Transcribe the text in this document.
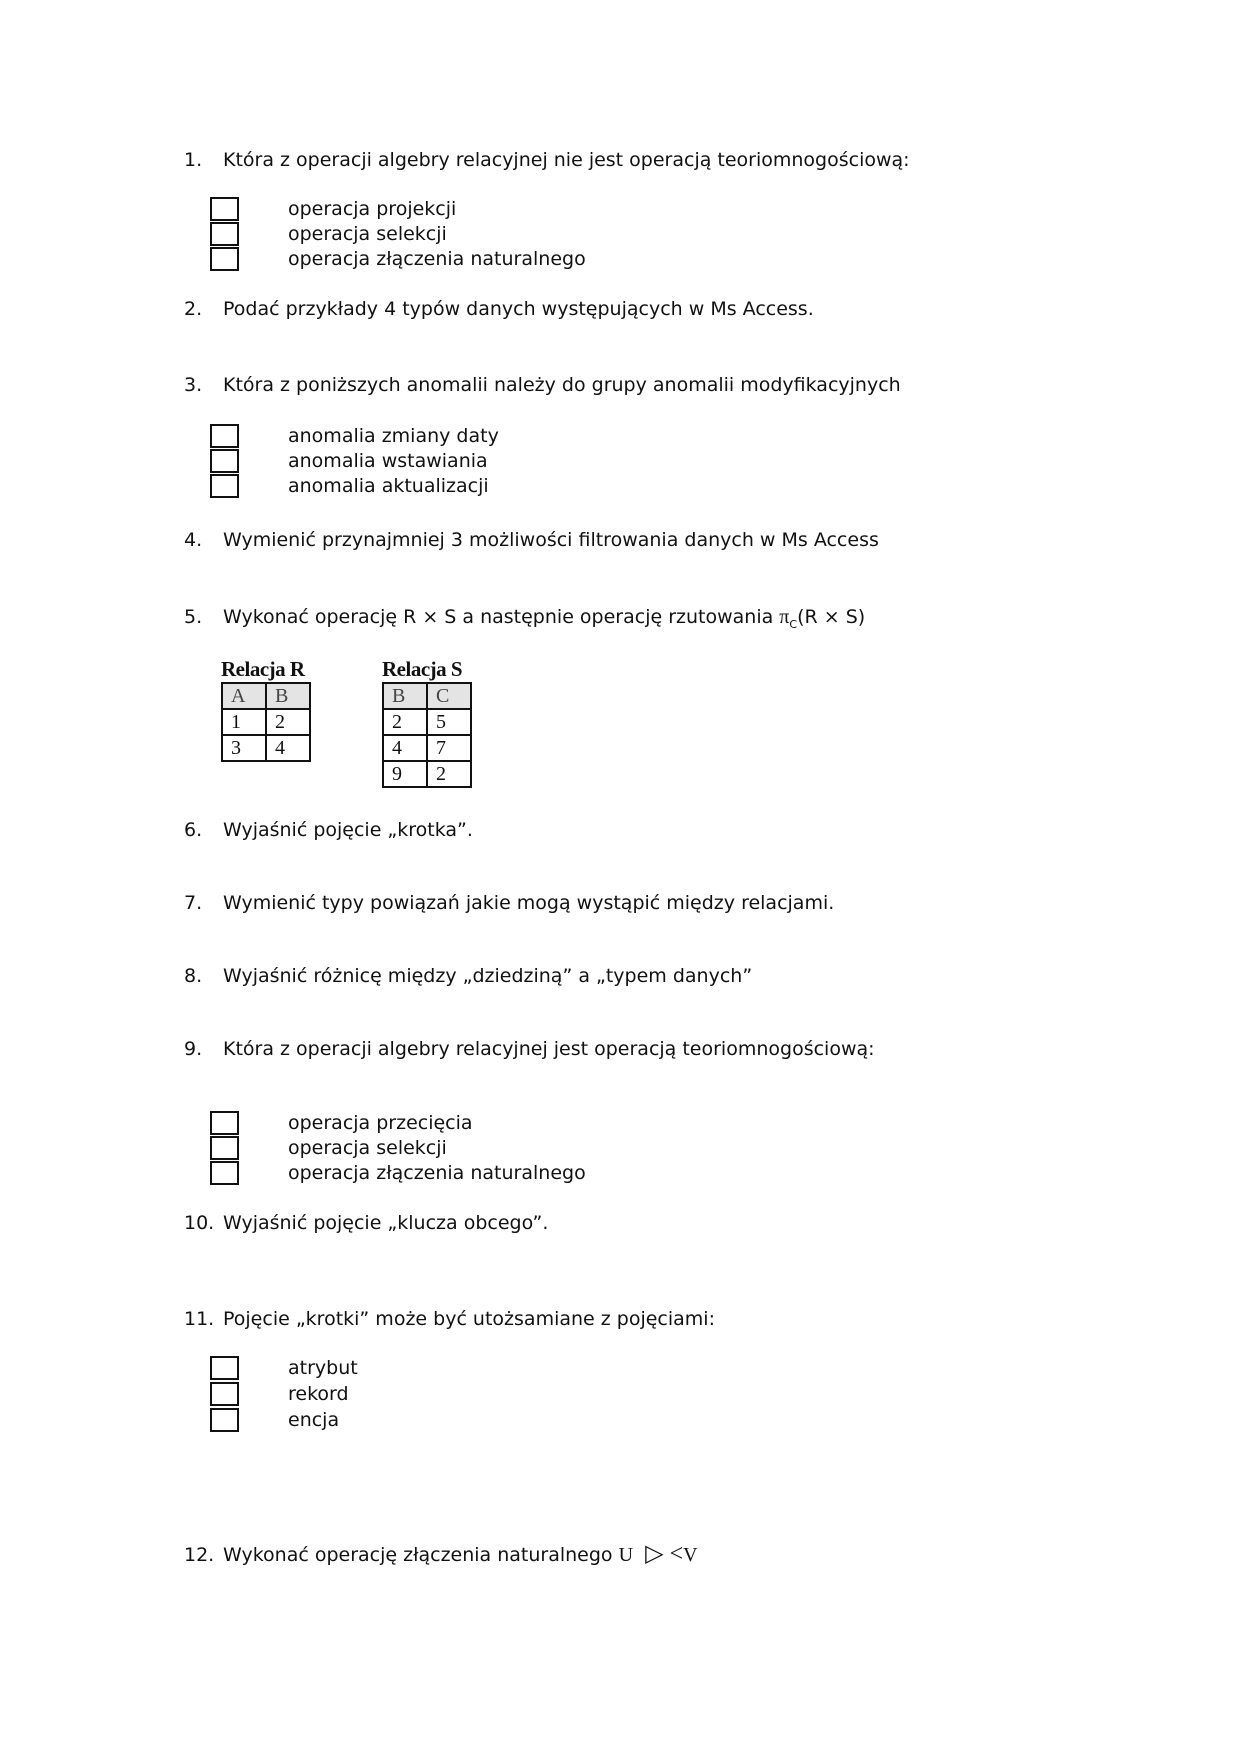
1. Która z operacji algebry relacyjnej nie jest operacją teoriomnogościową:
operacja projekcji
operacja selekcji
operacja złączenia naturalnego
2. Podać przykłady 4 typów danych występujących w Ms Access.
3. Która z poniższych anomalii należy do grupy anomalii modyfikacyjnych
anomalia zmiany daty
anomalia wstawiania
anomalia aktualizacji
4. Wymienić przynajmniej 3 możliwości filtrowania danych w Ms Access
5. Wykonać operację R × S a następnie operację rzutowania $\pi_C(R \times S)$
6. Wyjaśnić pojęcie „krotka”.
7. Wymienić typy powiązań jakie mogą wystąpić między relacjami.
8. Wyjaśnić różnicę między „dziedziną” a „typem danych”
9. Która z operacji algebry relacyjnej jest operacją teoriomnogościową:
operacja przecięcia
operacja selekcji
operacja złączenia naturalnego
10. Wyjaśnić pojęcie „klucza obcego”.
11. Pojęcie „krotki” może być utożsamiane z pojęciami:
atrybut
rekord
encja
12. Wykonać operację złączenia naturalnego U ▷ <V
Relacja R
A	B
1	2
3	4
Relacja S
B	C
2	5
4	7
9	2
